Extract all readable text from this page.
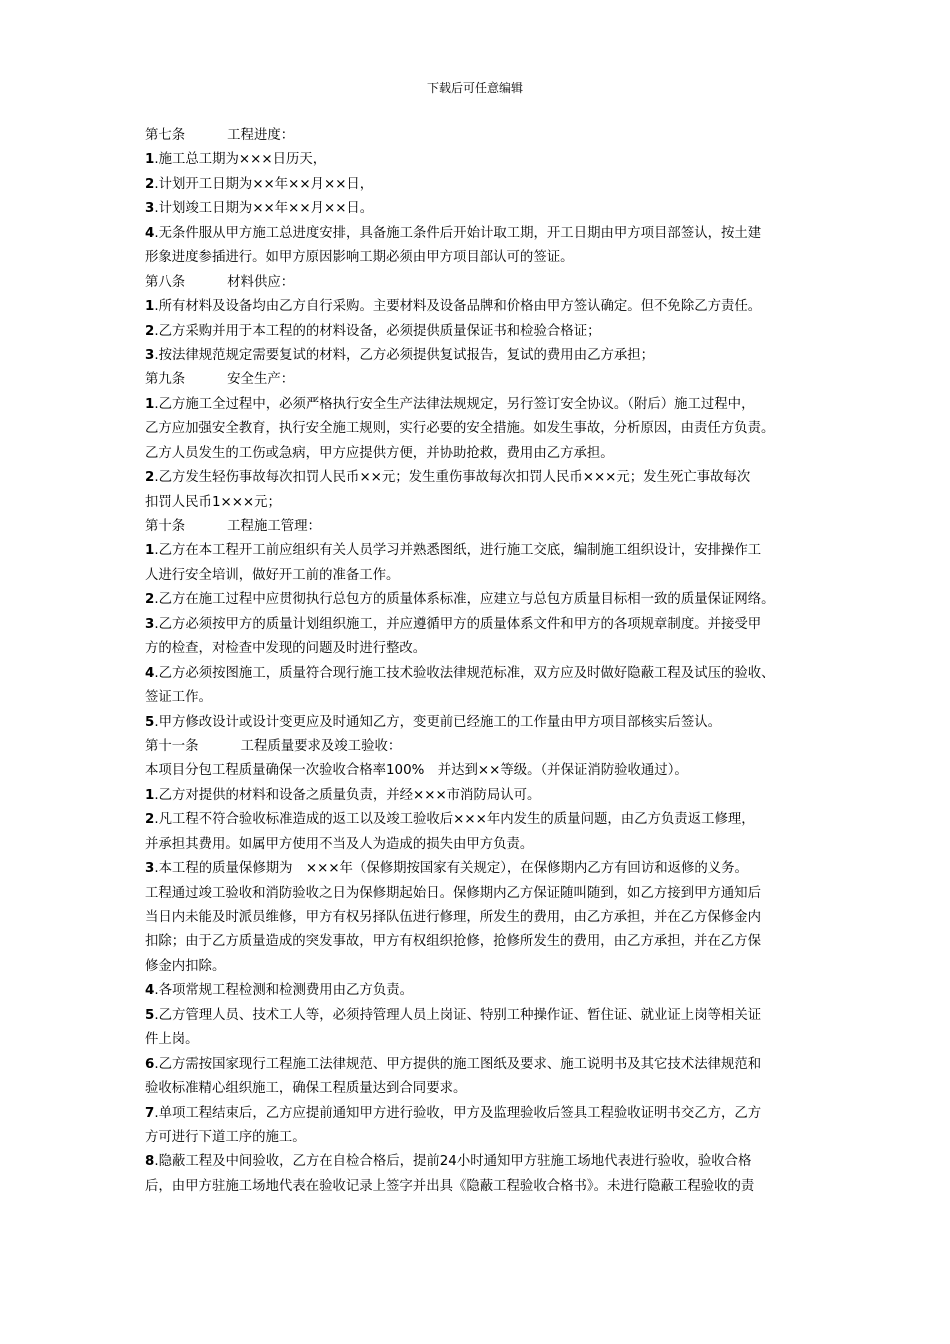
下载后可任意编辑
第七条	工程进度：
1.施工总工期为×××日历天，
2.计划开工日期为××年××月××日，
3.计划竣工日期为××年××月××日。
4.无条件服从甲方施工总进度安排，具备施工条件后开始计取工期，开工日期由甲方项目部签认，按土建
形象进度参插进行。如甲方原因影响工期必须由甲方项目部认可的签证。
第八条	材料供应：
1.所有材料及设备均由乙方自行采购。主要材料及设备品牌和价格由甲方签认确定。但不免除乙方责任。
2.乙方采购并用于本工程的的材料设备，必须提供质量保证书和检验合格证；
3.按法律规范规定需要复试的材料，乙方必须提供复试报告，复试的费用由乙方承担；
第九条	安全生产：
1.乙方施工全过程中，必须严格执行安全生产法律法规规定，另行签订安全协议。（附后）施工过程中，
乙方应加强安全教育，执行安全施工规则，实行必要的安全措施。如发生事故，分析原因，由责任方负责。
乙方人员发生的工伤或急病，甲方应提供方便，并协助抢救，费用由乙方承担。
2.乙方发生轻伤事故每次扣罚人民币××元；发生重伤事故每次扣罚人民币×××元；发生死亡事故每次
扣罚人民币1×××元；
第十条	工程施工管理：
1.乙方在本工程开工前应组织有关人员学习并熟悉图纸，进行施工交底，编制施工组织设计，安排操作工
人进行安全培训，做好开工前的准备工作。
2.乙方在施工过程中应贯彻执行总包方的质量体系标准，应建立与总包方质量目标相一致的质量保证网络。
3.乙方必须按甲方的质量计划组织施工，并应遵循甲方的质量体系文件和甲方的各项规章制度。并接受甲
方的检查，对检查中发现的问题及时进行整改。
4.乙方必须按图施工，质量符合现行施工技术验收法律规范标准，双方应及时做好隐蔽工程及试压的验收、
签证工作。
5.甲方修改设计或设计变更应及时通知乙方，变更前已经施工的工作量由甲方项目部核实后签认。
第十一条	工程质量要求及竣工验收：
本项目分包工程质量确保一次验收合格率100%　并达到××等级。（并保证消防验收通过）。
1.乙方对提供的材料和设备之质量负责，并经×××市消防局认可。
2.凡工程不符合验收标准造成的返工以及竣工验收后×××年内发生的质量问题，由乙方负责返工修理，
并承担其费用。如属甲方使用不当及人为造成的损失由甲方负责。
3.本工程的质量保修期为　×××年（保修期按国家有关规定），在保修期内乙方有回访和返修的义务。
工程通过竣工验收和消防验收之日为保修期起始日。保修期内乙方保证随叫随到，如乙方接到甲方通知后
当日内未能及时派员维修，甲方有权另择队伍进行修理，所发生的费用，由乙方承担，并在乙方保修金内
扣除；由于乙方质量造成的突发事故，甲方有权组织抢修，抢修所发生的费用，由乙方承担，并在乙方保
修金内扣除。
4.各项常规工程检测和检测费用由乙方负责。
5.乙方管理人员、技术工人等，必须持管理人员上岗证、特别工种操作证、暂住证、就业证上岗等相关证
件上岗。
6.乙方需按国家现行工程施工法律规范、甲方提供的施工图纸及要求、施工说明书及其它技术法律规范和
验收标准精心组织施工，确保工程质量达到合同要求。
7.单项工程结束后，乙方应提前通知甲方进行验收，甲方及监理验收后签具工程验收证明书交乙方，乙方
方可进行下道工序的施工。
8.隐蔽工程及中间验收，乙方在自检合格后，提前24小时通知甲方驻施工场地代表进行验收，验收合格
后，由甲方驻施工场地代表在验收记录上签字并出具《隐蔽工程验收合格书》。未进行隐蔽工程验收的责
